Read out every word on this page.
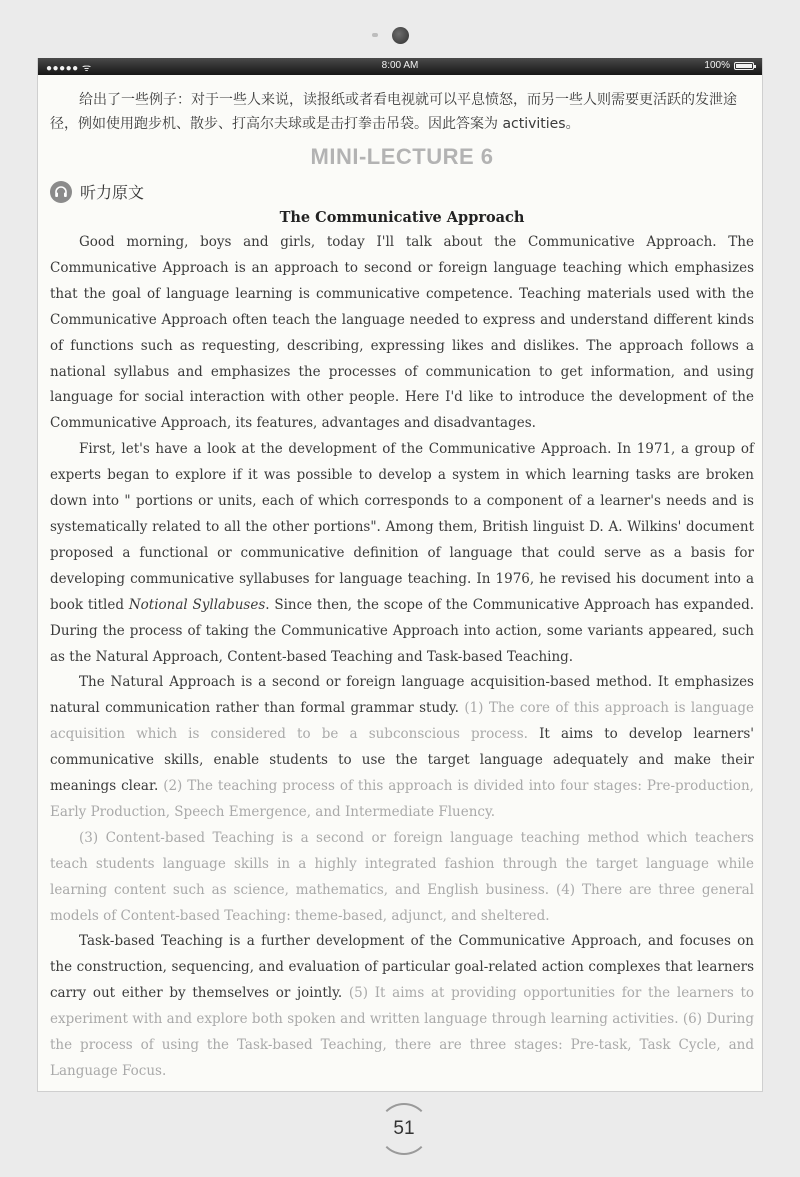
●●●●● ᯤ	8:00 AM	100%

给出了一些例子：对于一些人来说，读报纸或者看电视就可以平息愤怒，而另一些人则需要更活跃的发泄途径，例如使用跑步机、散步、打高尔夫球或是击打拳击吊袋。因此答案为 activities。

MINI-LECTURE 6
听力原文
The Communicative Approach

Good morning, boys and girls, today I'll talk about the Communicative Approach. The Communicative Approach is an approach to second or foreign language teaching which emphasizes that the goal of language learning is communicative competence. Teaching materials used with the Communicative Approach often teach the language needed to express and understand different kinds of functions such as requesting, describing, expressing likes and dislikes. The approach follows a national syllabus and emphasizes the processes of communication to get information, and using language for social interaction with other people. Here I'd like to introduce the development of the Communicative Approach, its features, advantages and disadvantages.

First, let's have a look at the development of the Communicative Approach. In 1971, a group of experts began to explore if it was possible to develop a system in which learning tasks are broken down into " portions or units, each of which corresponds to a component of a learner's needs and is systematically related to all the other portions". Among them, British linguist D. A. Wilkins' document proposed a functional or communicative definition of language that could serve as a basis for developing communicative syllabuses for language teaching. In 1976, he revised his document into a book titled Notional Syllabuses. Since then, the scope of the Communicative Approach has expanded. During the process of taking the Communicative Approach into action, some variants appeared, such as the Natural Approach, Content-based Teaching and Task-based Teaching.

The Natural Approach is a second or foreign language acquisition-based method. It emphasizes natural communication rather than formal grammar study. (1) The core of this approach is language acquisition which is considered to be a subconscious process. It aims to develop learners' communicative skills, enable students to use the target language adequately and make their meanings clear. (2) The teaching process of this approach is divided into four stages: Pre-production, Early Production, Speech Emergence, and Intermediate Fluency.

(3) Content-based Teaching is a second or foreign language teaching method which teachers teach students language skills in a highly integrated fashion through the target language while learning content such as science, mathematics, and English business. (4) There are three general models of Content-based Teaching: theme-based, adjunct, and sheltered.

Task-based Teaching is a further development of the Communicative Approach, and focuses on the construction, sequencing, and evaluation of particular goal-related action complexes that learners carry out either by themselves or jointly. (5) It aims at providing opportunities for the learners to experiment with and explore both spoken and written language through learning activities. (6) During the process of using the Task-based Teaching, there are three stages: Pre-task, Task Cycle, and Language Focus.

51
